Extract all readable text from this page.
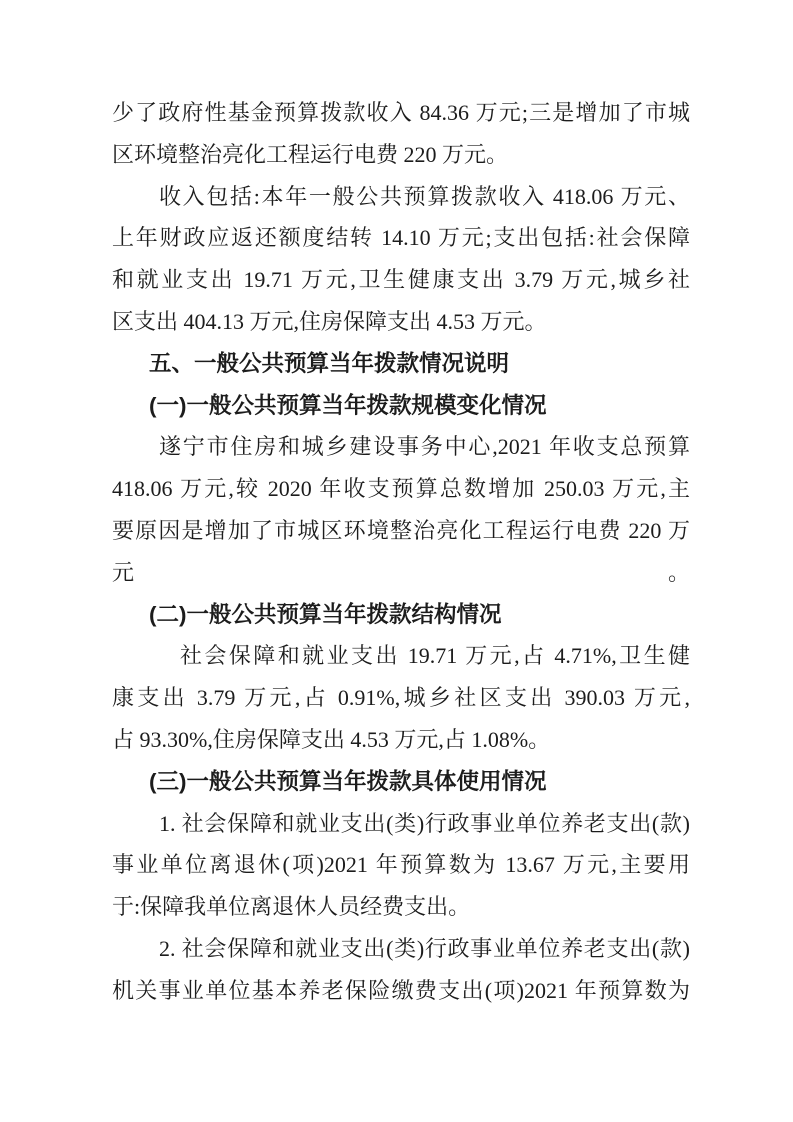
少了政府性基金预算拨款收入 84.36 万元;三是增加了市城
区环境整治亮化工程运行电费 220 万元。
收入包括:本年一般公共预算拨款收入 418.06 万元、
上年财政应返还额度结转 14.10 万元;支出包括:社会保障
和就业支出 19.71 万元,卫生健康支出 3.79 万元,城乡社
区支出 404.13 万元,住房保障支出 4.53 万元。
五、一般公共预算当年拨款情况说明
(一)一般公共预算当年拨款规模变化情况
遂宁市住房和城乡建设事务中心,2021 年收支总预算
418.06 万元,较 2020 年收支预算总数增加 250.03 万元,主
要原因是增加了市城区环境整治亮化工程运行电费 220 万元。
(二)一般公共预算当年拨款结构情况
社会保障和就业支出 19.71 万元,占 4.71%,卫生健
康支出 3.79 万元,占 0.91%,城乡社区支出 390.03 万元,
占 93.30%,住房保障支出 4.53 万元,占 1.08%。
(三)一般公共预算当年拨款具体使用情况
1. 社会保障和就业支出(类)行政事业单位养老支出(款)
事业单位离退休(项)2021 年预算数为 13.67 万元,主要用
于:保障我单位离退休人员经费支出。
2. 社会保障和就业支出(类)行政事业单位养老支出(款)
机关事业单位基本养老保险缴费支出(项)2021 年预算数为
